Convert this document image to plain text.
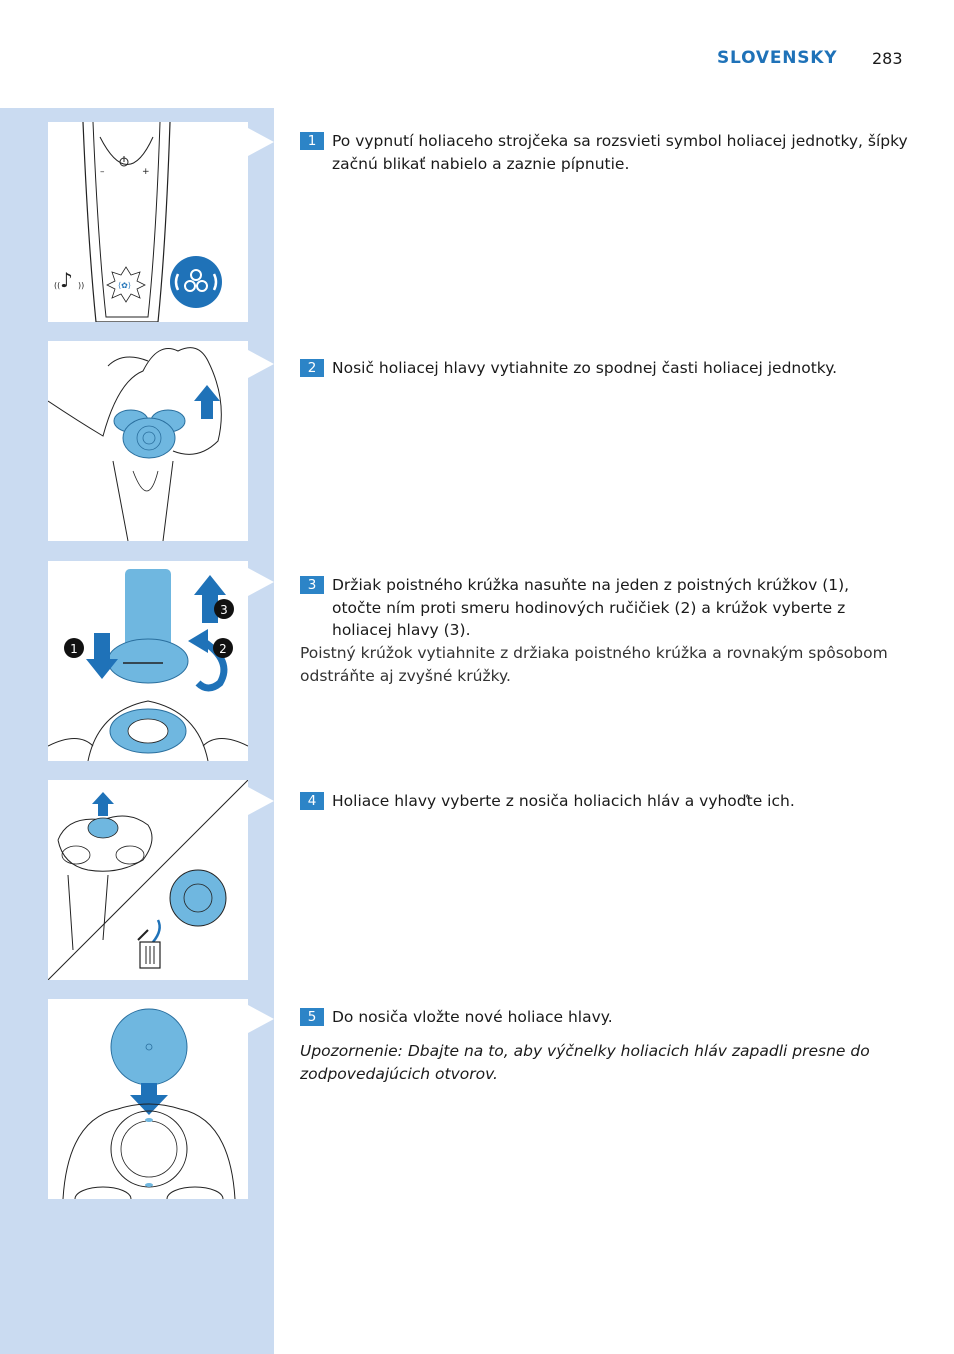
SLOVENSKY 283
–	+
⟨✿⟩
♪
(( ))
3
1	2
1	Po vypnutí holiaceho strojčeka sa rozsvieti symbol holiacej jednotky, šípky začnú blikať nabielo a zaznie pípnutie.
2	Nosič holiacej hlavy vytiahnite zo spodnej časti holiacej jednotky.
3	Držiak poistného krúžka nasuňte na jeden z poistných krúžkov (1), otočte ním proti smeru hodinových ručičiek (2) a krúžok vyberte z holiacej hlavy (3).
Poistný krúžok vytiahnite z držiaka poistného krúžka a rovnakým spôsobom odstráňte aj zvyšné krúžky.
4	Holiace hlavy vyberte z nosiča holiacich hláv a vyhoďte ich.
5	Do nosiča vložte nové holiace hlavy.
Upozornenie: Dbajte na to, aby výčnelky holiacich hláv zapadli presne do zodpovedajúcich otvorov.
